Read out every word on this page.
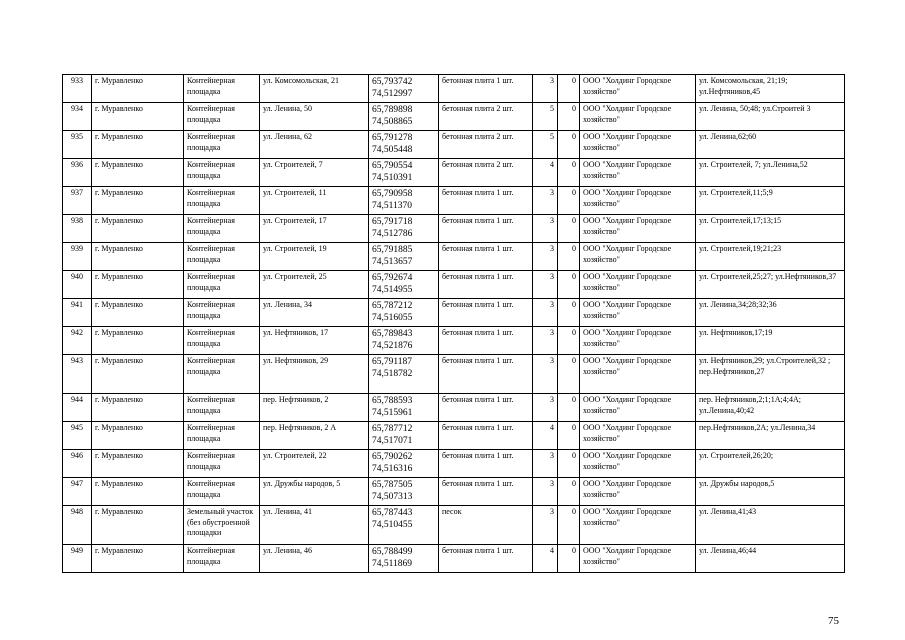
933	г. Муравленко	Контейнерная площадка	ул. Комсомольская, 21	65,793742
74,512997	бетонная плита 1 шт.	3	0	ООО "Холдинг Городское хозяйство"	ул. Комсомольская, 21;19; ул.Нефтяников,45
934	г. Муравленко	Контейнерная площадка	ул. Ленина, 50	65,789898
74,508865	бетонная плита 2 шт.	5	0	ООО "Холдинг Городское хозяйство"	ул. Ленина, 50;48; ул.Строитей 3
935	г. Муравленко	Контейнерная площадка	ул. Ленина, 62	65,791278
74,505448	бетонная плита 2 шт.	5	0	ООО "Холдинг Городское хозяйство"	ул. Ленина,62;60
936	г. Муравленко	Контейнерная площадка	ул. Строителей, 7	65,790554
74,510391	бетонная плита 2 шт.	4	0	ООО "Холдинг Городское хозяйство"	ул. Строителей, 7; ул.Ленина,52
937	г. Муравленко	Контейнерная площадка	ул. Строителей, 11	65,790958
74,511370	бетонная плита 1 шт.	3	0	ООО "Холдинг Городское хозяйство"	ул. Строителей,11;5;9
938	г. Муравленко	Контейнерная площадка	ул. Строителей, 17	65,791718
74,512786	бетонная плита 1 шт.	3	0	ООО "Холдинг Городское хозяйство"	ул. Строителей,17;13;15
939	г. Муравленко	Контейнерная площадка	ул. Строителей, 19	65,791885
74,513657	бетонная плита 1 шт.	3	0	ООО "Холдинг Городское хозяйство"	ул. Строителей,19;21;23
940	г. Муравленко	Контейнерная площадка	ул. Строителей, 25	65,792674
74,514955	бетонная плита 1 шт.	3	0	ООО "Холдинг Городское хозяйство"	ул. Строителей,25;27; ул.Нефтяников,37
941	г. Муравленко	Контейнерная площадка	ул. Ленина, 34	65,787212
74,516055	бетонная плита 1 шт.	3	0	ООО "Холдинг Городское хозяйство"	ул. Ленина,34;28;32;36
942	г. Муравленко	Контейнерная площадка	ул. Нефтяников, 17	65,789843
74,521876	бетонная плита 1 шт.	3	0	ООО "Холдинг Городское хозяйство"	ул. Нефтяников,17;19
943	г. Муравленко	Контейнерная площадка	ул. Нефтяников, 29	65,791187
74,518782	бетонная плита 1 шт.	3	0	ООО "Холдинг Городское хозяйство"	ул. Нефтяников,29; ул.Строителей,32 ; пер.Нефтяников,27
944	г. Муравленко	Контейнерная площадка	пер. Нефтяников, 2	65,788593
74,515961	бетонная плита 1 шт.	3	0	ООО "Холдинг Городское хозяйство"	пер. Нефтяников,2;1;1А;4;4А; ул.Ленина,40;42
945	г. Муравленко	Контейнерная площадка	пер. Нефтяников, 2 А	65,787712
74,517071	бетонная плита 1 шт.	4	0	ООО "Холдинг Городское хозяйство"	пер.Нефтяников,2А; ул.Ленина,34
946	г. Муравленко	Контейнерная площадка	ул. Строителей, 22	65,790262
74,516316	бетонная плита 1 шт.	3	0	ООО "Холдинг Городское хозяйство"	ул. Строителей,26;20;
947	г. Муравленко	Контейнерная площадка	ул. Дружбы народов, 5	65,787505
74,507313	бетонная плита 1 шт.	3	0	ООО "Холдинг Городское хозяйство"	ул. Дружбы народов,5
948	г. Муравленко	Земельный участок (без обустроенной площадки	ул. Ленина, 41	65,787443
74,510455	песок	3	0	ООО "Холдинг Городское хозяйство"	ул. Ленина,41;43
949	г. Муравленко	Контейнерная площадка	ул. Ленина, 46	65,788499
74,511869	бетонная плита 1 шт.	4	0	ООО "Холдинг Городское хозяйство"	ул. Ленина,46;44
75
